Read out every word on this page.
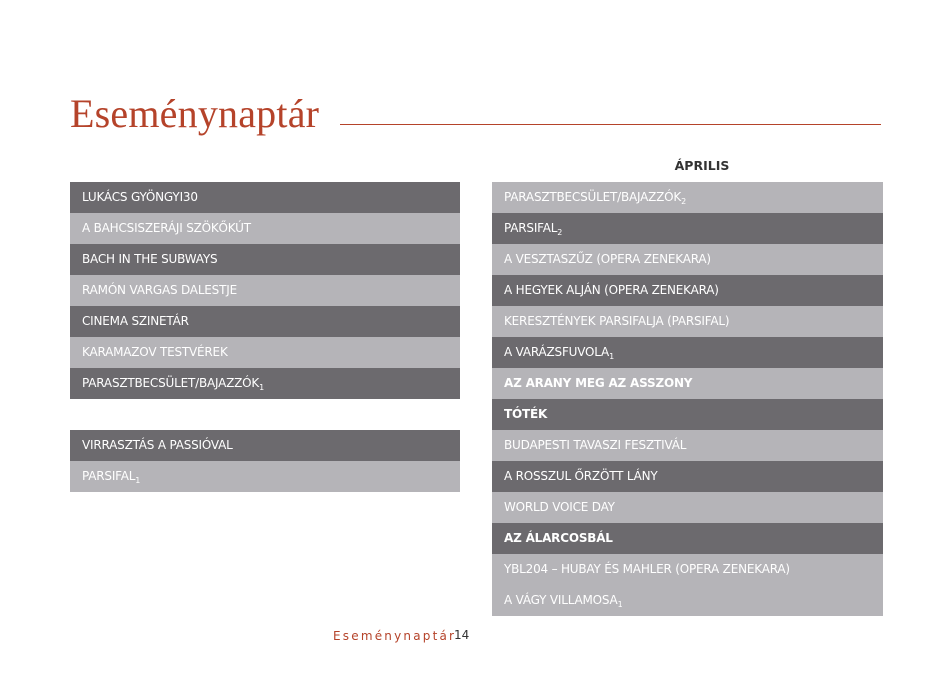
Eseménynaptár
ÁPRILIS
LUKÁCS GYÖNGYI30
A BAHCSISZERÁJI SZÖKŐKÚT
BACH IN THE SUBWAYS
RAMÓN VARGAS DALESTJE
CINEMA SZINETÁR
KARAMAZOV TESTVÉREK
PARASZTBECSÜLET/$BAJAZZÓK_1$
VIRRASZTÁS A PASSIÓVAL
$PARSIFAL_1$
PARASZTBECSÜLET/$BAJAZZÓK_2$
$PARSIFAL_2$
A VESZTASZŰZ (OPERA ZENEKARA)
A HEGYEK ALJÁN (OPERA ZENEKARA)
KERESZTÉNYEK PARSIFALJA (PARSIFAL)
A $VARÁZSFUVOLA_1$
AZ ARANY MEG AZ ASSZONY
TÓTÉK
BUDAPESTI TAVASZI FESZTIVÁL
A ROSSZUL ŐRZÖTT LÁNY
WORLD VOICE DAY
AZ ÁLARCOSBÁL
YBL204 – HUBAY ÉS MAHLER (OPERA ZENEKARA)
A VÁGY $VILLAMOSA_1$
Eseménynaptár
14
